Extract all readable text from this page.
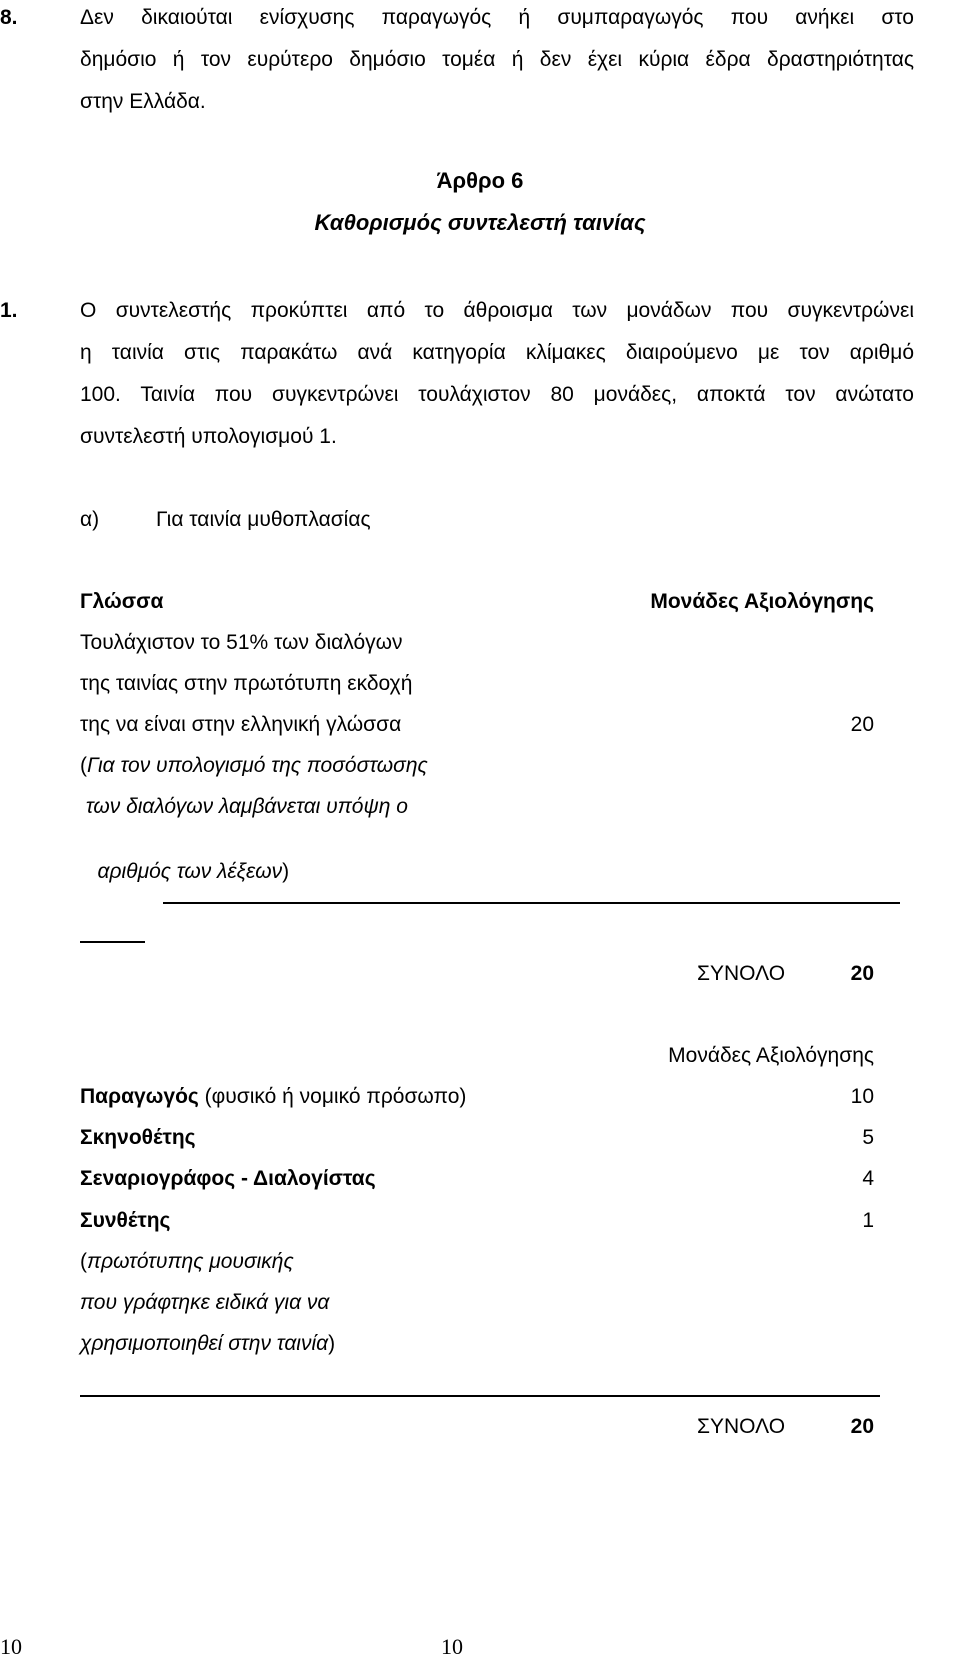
8.	Δεν δικαιούται ενίσχυσης παραγωγός ή συμπαραγωγός που ανήκει στο
δημόσιο ή τον ευρύτερο δημόσιο τομέα ή δεν έχει κύρια έδρα δραστηριότητας
στην Ελλάδα.
Άρθρο 6
Καθορισμός συντελεστή ταινίας
1.	Ο συντελεστής προκύπτει από το άθροισμα των μονάδων που συγκεντρώνει
η ταινία στις παρακάτω ανά κατηγορία κλίμακες διαιρούμενο με τον αριθμό
100. Ταινία που συγκεντρώνει τουλάχιστον 80 μονάδες, αποκτά τον ανώτατο
συντελεστή υπολογισμού 1.
α)	Για ταινία μυθοπλασίας
Γλώσσα	Μονάδες Αξιολόγησης
Τουλάχιστον το 51% των διαλόγων
της ταινίας στην πρωτότυπη εκδοχή
της να είναι στην ελληνική γλώσσα	20
(Για τον υπολογισμό της ποσόστωσης
των διαλόγων λαμβάνεται υπόψη ο

αριθμός των λέξεων)

ΣΥΝΟΛΟ	20
Μονάδες Αξιολόγησης
Παραγωγός (φυσικό ή νομικό πρόσωπο)	10
Σκηνοθέτης	5
Σεναριογράφος - Διαλογίστας	4
Συνθέτης	1
(πρωτότυπης μουσικής
που γράφτηκε ειδικά για να
χρησιμοποιηθεί στην ταινία)
ΣΥΝΟΛΟ	20
10	10
